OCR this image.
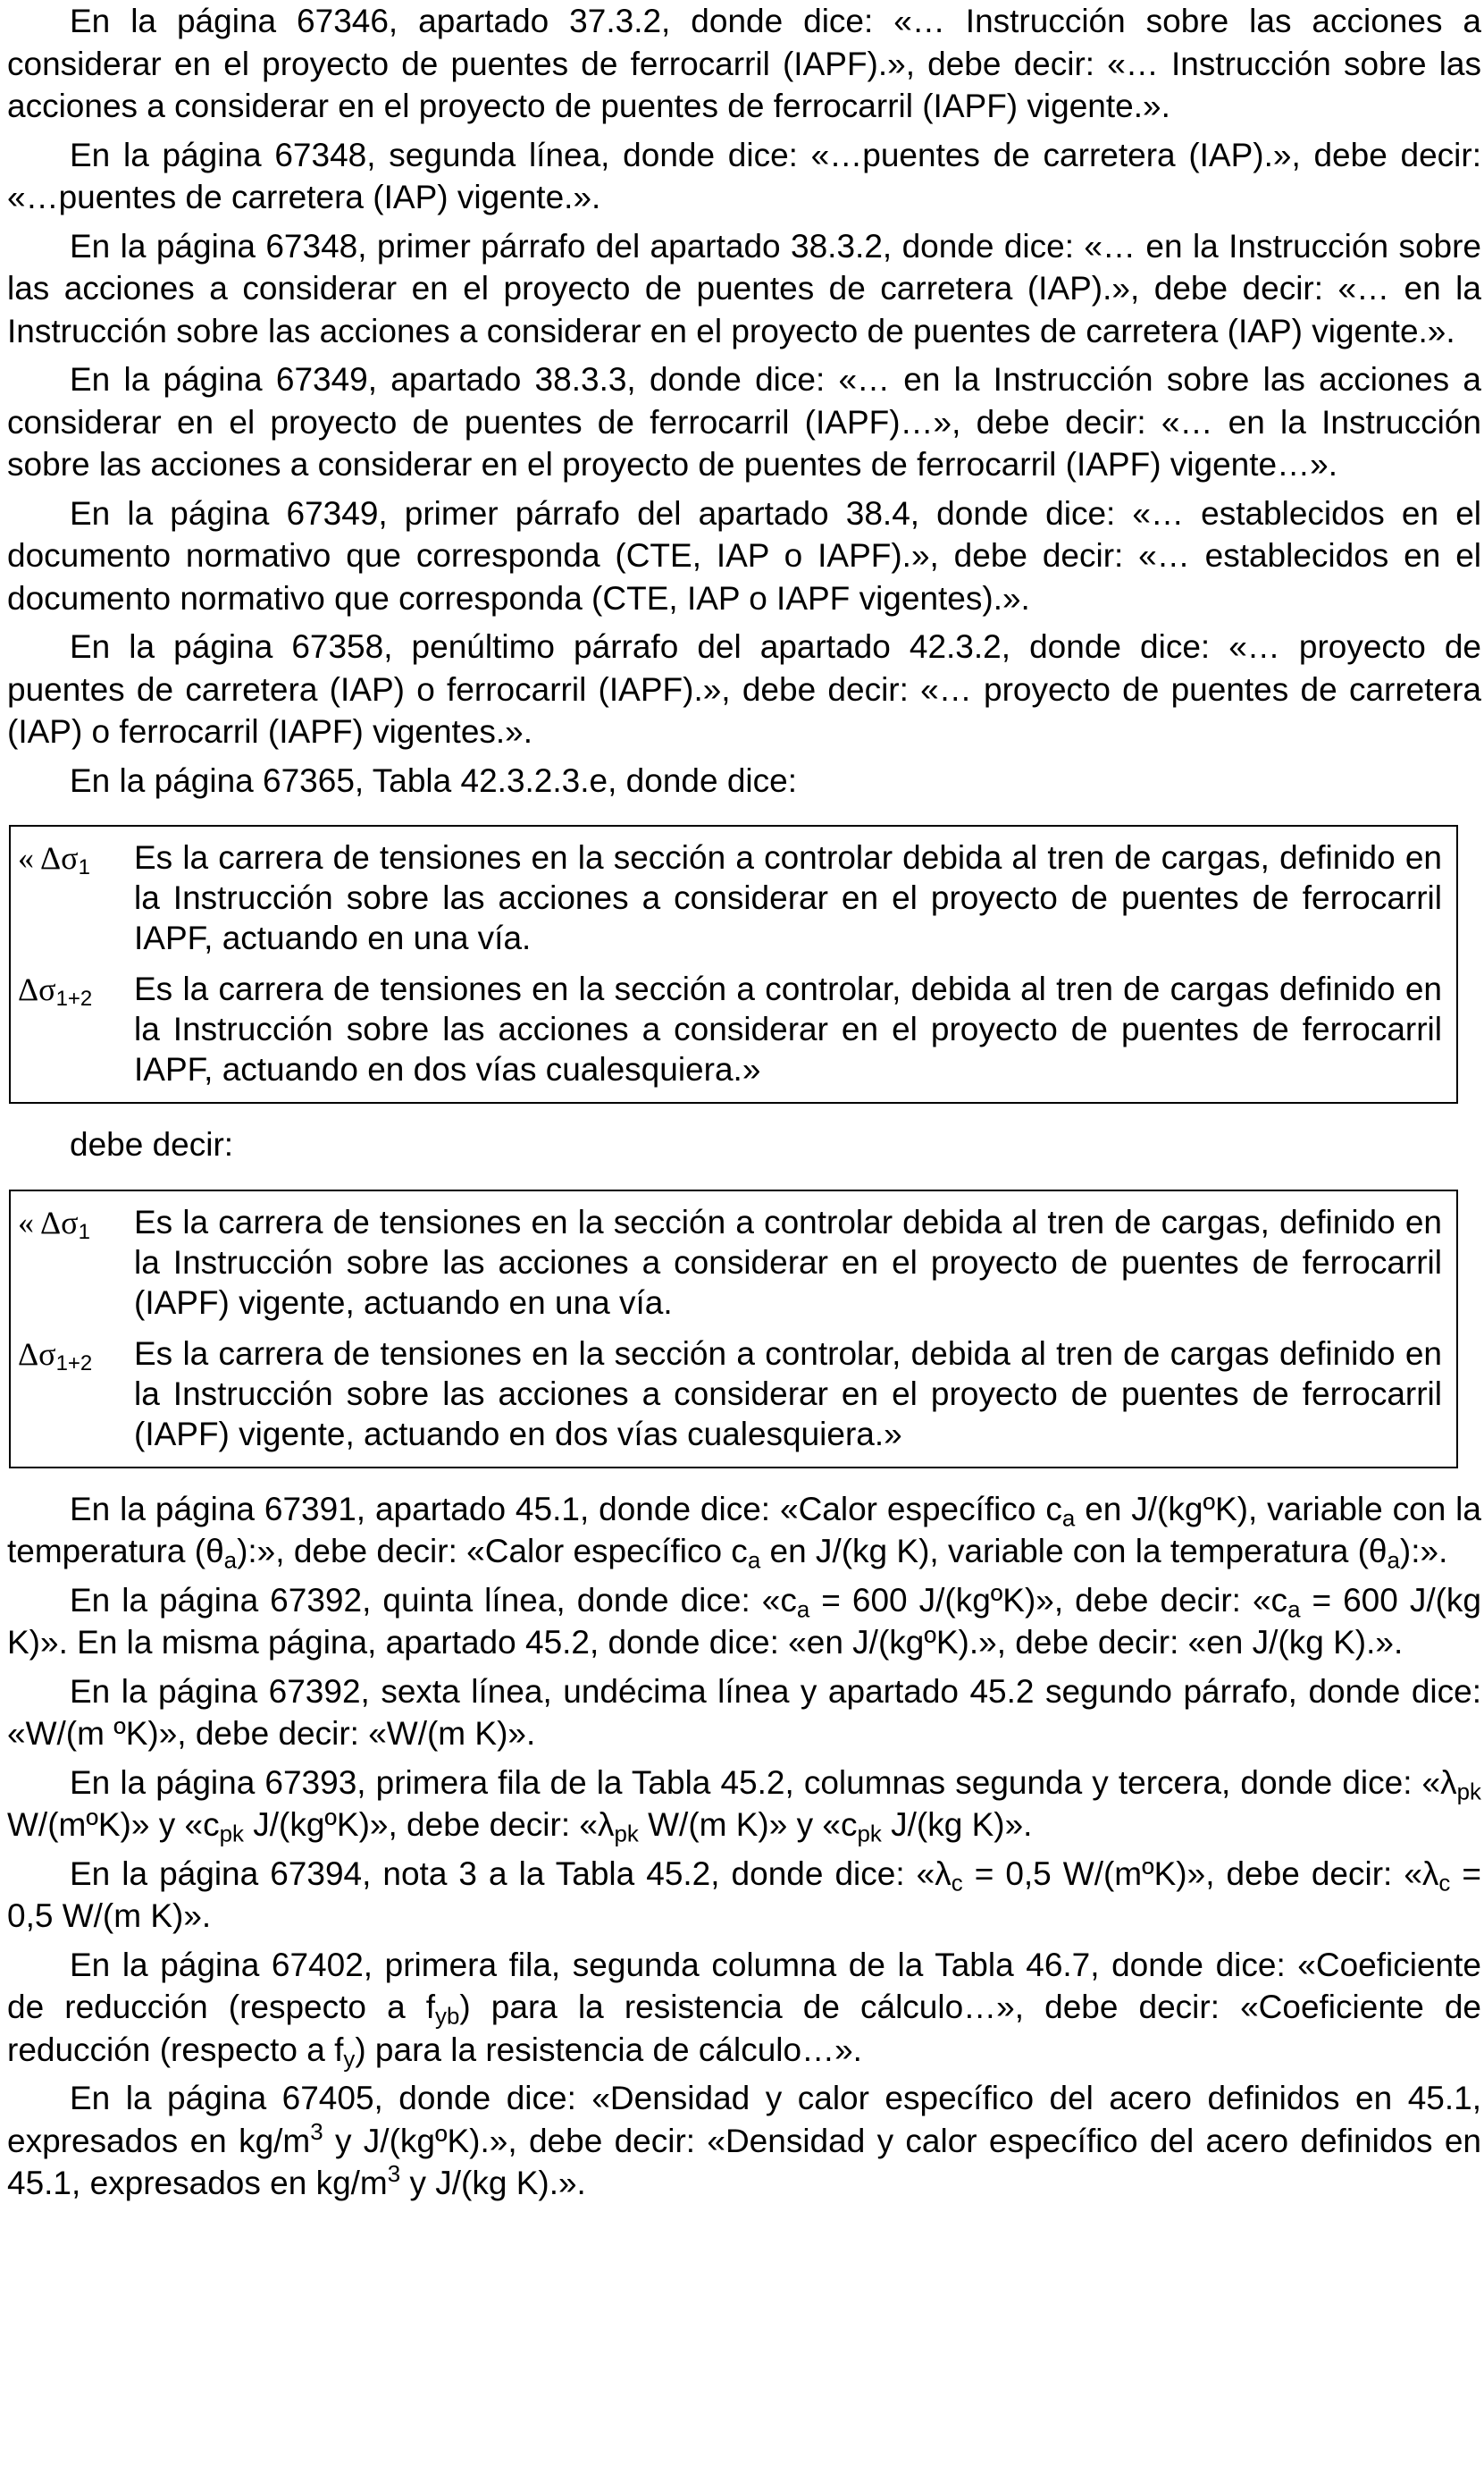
En la página 67346, apartado 37.3.2, donde dice: «… Instrucción sobre las acciones a considerar en el proyecto de puentes de ferrocarril (IAPF).», debe decir: «… Instrucción sobre las acciones a considerar en el proyecto de puentes de ferrocarril (IAPF) vigente.».

En la página 67348, segunda línea, donde dice: «…puentes de carretera (IAP).», debe decir: «…puentes de carretera (IAP) vigente.».

En la página 67348, primer párrafo del apartado 38.3.2, donde dice: «… en la Instrucción sobre las acciones a considerar en el proyecto de puentes de carretera (IAP).», debe decir: «… en la Instrucción sobre las acciones a considerar en el proyecto de puentes de carretera (IAP) vigente.».

En la página 67349, apartado 38.3.3, donde dice: «… en la Instrucción sobre las acciones a considerar en el proyecto de puentes de ferrocarril (IAPF)…», debe decir: «… en la Instrucción sobre las acciones a considerar en el proyecto de puentes de ferrocarril (IAPF) vigente…».

En la página 67349, primer párrafo del apartado 38.4, donde dice: «… establecidos en el documento normativo que corresponda (CTE, IAP o IAPF).», debe decir: «… establecidos en el documento normativo que corresponda (CTE, IAP o IAPF vigentes).».

En la página 67358, penúltimo párrafo del apartado 42.3.2, donde dice: «… proyecto de puentes de carretera (IAP) o ferrocarril (IAPF).», debe decir: «… proyecto de puentes de carretera (IAP) o ferrocarril (IAPF) vigentes.».

En la página 67365, Tabla 42.3.2.3.e, donde dice:

« $\Delta\sigma_1$	Es la carrera de tensiones en la sección a controlar debida al tren de cargas, definido en la Instrucción sobre las acciones a considerar en el proyecto de puentes de ferrocarril IAPF, actuando en una vía.
$\Delta\sigma_{1+2}$	Es la carrera de tensiones en la sección a controlar, debida al tren de cargas definido en la Instrucción sobre las acciones a considerar en el proyecto de puentes de ferrocarril IAPF, actuando en dos vías cualesquiera.»

debe decir:

« $\Delta\sigma_1$	Es la carrera de tensiones en la sección a controlar debida al tren de cargas, definido en la Instrucción sobre las acciones a considerar en el proyecto de puentes de ferrocarril (IAPF) vigente, actuando en una vía.
$\Delta\sigma_{1+2}$	Es la carrera de tensiones en la sección a controlar, debida al tren de cargas definido en la Instrucción sobre las acciones a considerar en el proyecto de puentes de ferrocarril (IAPF) vigente, actuando en dos vías cualesquiera.»

En la página 67391, apartado 45.1, donde dice: «Calor específico $c_a$ en J/(kgºK), variable con la temperatura $(\theta_a)$:», debe decir: «Calor específico $c_a$ en J/(kg K), variable con la temperatura $(\theta_a)$:».

En la página 67392, quinta línea, donde dice: «$c_a = 600$ J/(kgºK)», debe decir: «$c_a = 600$ J/(kg K)». En la misma página, apartado 45.2, donde dice: «en J/(kgºK).», debe decir: «en J/(kg K).».

En la página 67392, sexta línea, undécima línea y apartado 45.2 segundo párrafo, donde dice: «W/(m ºK)», debe decir: «W/(m K)».

En la página 67393, primera fila de la Tabla 45.2, columnas segunda y tercera, donde dice: «$\lambda_{pk}$ W/(mºK)» y «$c_{pk}$ J/(kgºK)», debe decir: «$\lambda_{pk}$ W/(m K)» y «$c_{pk}$ J/(kg K)».

En la página 67394, nota 3 a la Tabla 45.2, donde dice: «$\lambda_c = 0,5$ W/(mºK)», debe decir: «$\lambda_c = 0,5$ W/(m K)».

En la página 67402, primera fila, segunda columna de la Tabla 46.7, donde dice: «Coeficiente de reducción (respecto a $f_{yb}$) para la resistencia de cálculo…», debe decir: «Coeficiente de reducción (respecto a $f_y$) para la resistencia de cálculo…».

En la página 67405, donde dice: «Densidad y calor específico del acero definidos en 45.1, expresados en $kg/m^3$ y J/(kgºK).», debe decir: «Densidad y calor específico del acero definidos en 45.1, expresados en $kg/m^3$ y J/(kg K).».
